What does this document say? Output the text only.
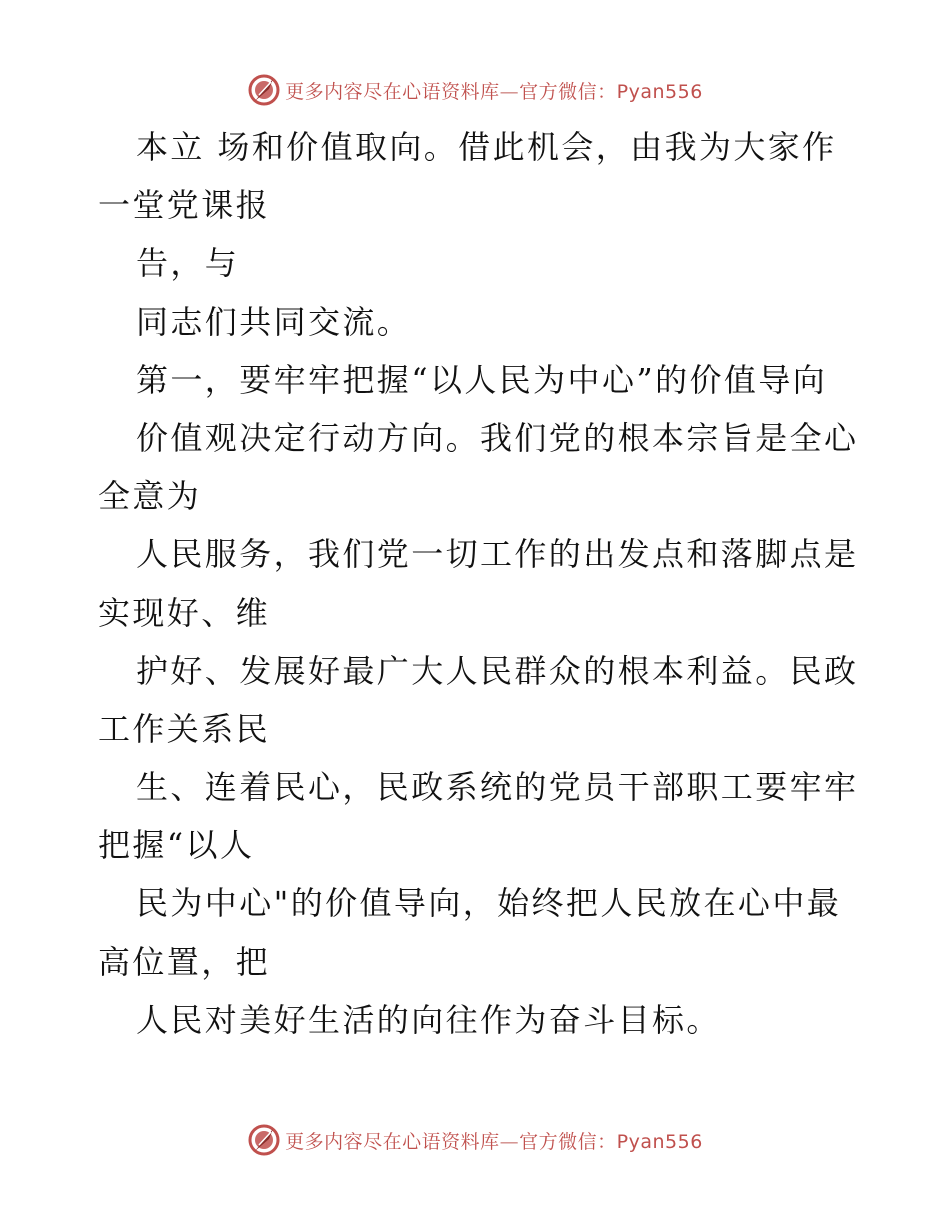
更多内容尽在心语资料库—官方微信：Pyan556
本立 场和价值取向。借此机会，由我为大家作
一堂党课报
告，与
同志们共同交流。
第一，要牢牢把握“以人民为中心”的价值导向
价值观决定行动方向。我们党的根本宗旨是全心
全意为
人民服务，我们党一切工作的出发点和落脚点是
实现好、维
护好、发展好最广大人民群众的根本利益。民政
工作关系民
生、连着民心，民政系统的党员干部职工要牢牢
把握“以人
民为中心"的价值导向，始终把人民放在心中最
高位置，把
人民对美好生活的向往作为奋斗目标。
更多内容尽在心语资料库—官方微信：Pyan556
